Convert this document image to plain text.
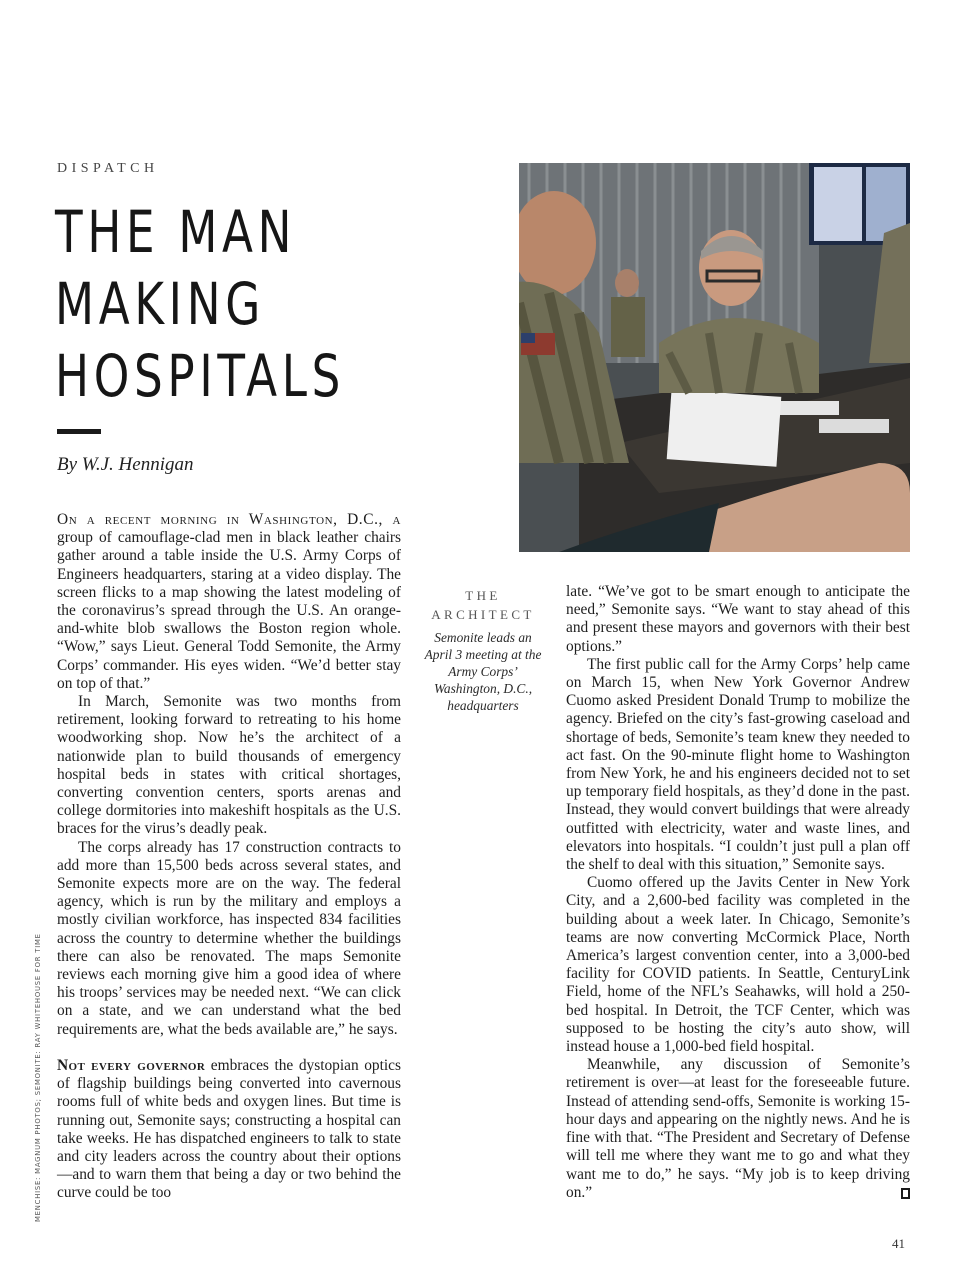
DISPATCH
THE MAN
MAKING
HOSPITALS
By W.J. Hennigan

On a recent morning in Washington, D.C., a group of camouflage-clad men in black leather chairs gather around a table inside the U.S. Army Corps of Engineers headquarters, staring at a video display. The screen flicks to a map showing the latest modeling of the coronavirus’s spread through the U.S. An orange-and-white blob swallows the Boston region whole. “Wow,” says Lieut. General Todd Semonite, the Army Corps’ commander. His eyes widen. “We’d better stay on top of that.”

In March, Semonite was two months from retirement, looking forward to retreating to his home woodworking shop. Now he’s the architect of a nationwide plan to build thousands of emergency hospital beds in states with critical shortages, converting convention centers, sports arenas and college dormitories into makeshift hospitals as the U.S. braces for the virus’s deadly peak.

The corps already has 17 construction contracts to add more than 15,500 beds across several states, and Semonite expects more are on the way. The federal agency, which is run by the military and employs a mostly civilian workforce, has inspected 834 facilities across the country to determine whether the buildings there can also be renovated. The maps Semonite reviews each morning give him a good idea of where his troops’ services may be needed next. “We can click on a state, and we can understand what the bed requirements are, what the beds available are,” he says.

Not every governor embraces the dystopian optics of flagship buildings being converted into cavernous rooms full of white beds and oxygen lines. But time is running out, Semonite says; constructing a hospital can take weeks. He has dispatched engineers to talk to state and city leaders across the country about their options—and to warn them that being a day or two behind the curve could be too

THE ARCHITECT
Semonite leads an April 3 meeting at the Army Corps’ Washington, D.C., headquarters

late. “We’ve got to be smart enough to anticipate the need,” Semonite says. “We want to stay ahead of this and present these mayors and governors with their best options.”

The first public call for the Army Corps’ help came on March 15, when New York Governor Andrew Cuomo asked President Donald Trump to mobilize the agency. Briefed on the city’s fast-growing caseload and shortage of beds, Semonite’s team knew they needed to act fast. On the 90-minute flight home to Washington from New York, he and his engineers decided not to set up temporary field hospitals, as they’d done in the past. Instead, they would convert buildings that were already outfitted with electricity, water and waste lines, and elevators into hospitals. “I couldn’t just pull a plan off the shelf to deal with this situation,” Semonite says.

Cuomo offered up the Javits Center in New York City, and a 2,600-bed facility was completed in the building about a week later. In Chicago, Semonite’s teams are now converting McCormick Place, North America’s largest convention center, into a 3,000-bed facility for COVID patients. In Seattle, CenturyLink Field, home of the NFL’s Seahawks, will hold a 250-bed hospital. In Detroit, the TCF Center, which was supposed to be hosting the city’s auto show, will instead house a 1,000-bed field hospital.

Meanwhile, any discussion of Semonite’s retirement is over—at least for the foreseeable future. Instead of attending send-offs, Semonite is working 15-hour days and appearing on the nightly news. And he is fine with that. “The President and Secretary of Defense will tell me where they want me to go and what they want me to do,” he says. “My job is to keep driving on.”

MENCHISE: MAGNUM PHOTOS; SEMONITE: RAY WHITEHOUSE FOR TIME
41
